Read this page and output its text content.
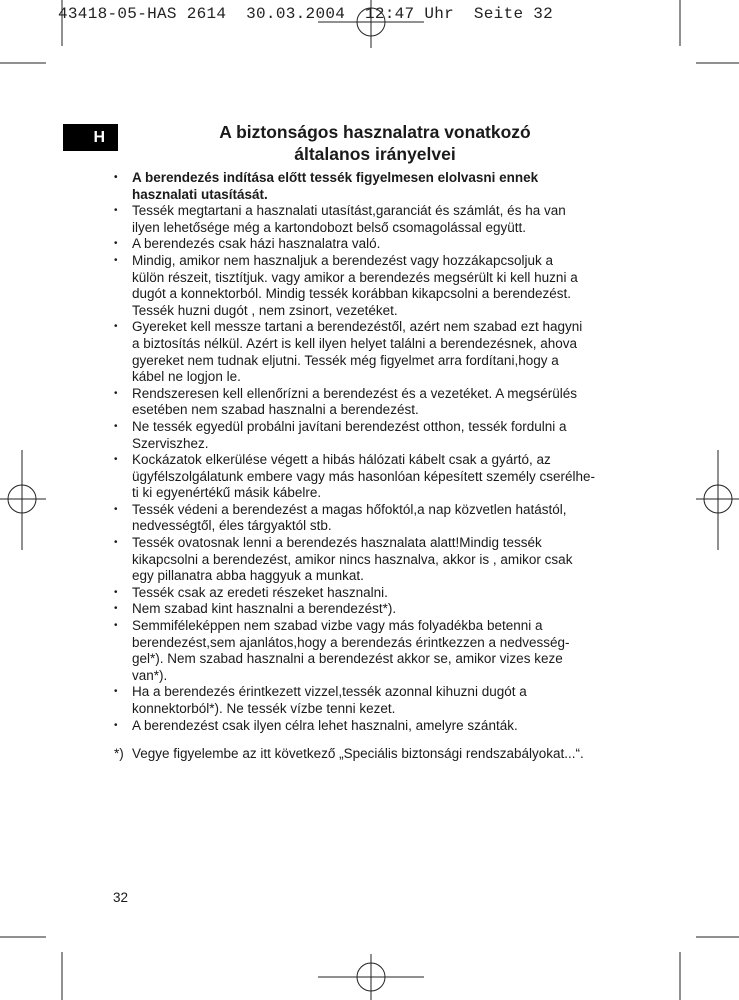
43418-05-HAS 2614  30.03.2004  12:47 Uhr  Seite 32
H	A biztonságos hasznalatra vonatkozó
általanos irányelvei
• A berendezés indítása előtt tessék figyelmesen elolvasni ennek
hasznalati utasítását.
• Tessék megtartani a hasznalati utasítást,garanciát és számlát, és ha van
ilyen lehetősége még a kartondobozt belső csomagolással együtt.
• A berendezés csak házi hasznalatra való.
• Mindig, amikor nem hasznaljuk a berendezést vagy hozzákapcsoljuk a
külön részeit, tisztítjuk. vagy amikor a berendezés megsérült ki kell huzni a
dugót a konnektorból. Mindig tessék korábban kikapcsolni a berendezést.
Tessék huzni dugót , nem zsinort, vezetéket.
• Gyereket kell messze tartani a berendezéstől, azért nem szabad ezt hagyni
a biztosítás nélkül. Azért is kell ilyen helyet találni a berendezésnek, ahova
gyereket nem tudnak eljutni. Tessék még figyelmet arra fordítani,hogy a
kábel ne logjon le.
• Rendszeresen kell ellenőrízni a berendezést és a vezetéket. A megsérülés
esetében nem szabad hasznalni a berendezést.
• Ne tessék egyedül probálni javítani berendezést otthon, tessék fordulni a
Szerviszhez.
• Kockázatok elkerülése végett a hibás hálózati kábelt csak a gyártó, az
ügyfélszolgálatunk embere vagy más hasonlóan képesített személy cserélhe-
ti ki egyenértékű másik kábelre.
• Tessék védeni a berendezést a magas hőfoktól,a nap közvetlen hatástól,
nedvességtől, éles tárgyaktól stb.
• Tessék ovatosnak lenni a berendezés hasznalata alatt!Mindig tessék
kikapcsolni a berendezést, amikor nincs hasznalva, akkor is , amikor csak
egy pillanatra abba haggyuk a munkat.
• Tessék csak az eredeti részeket hasznalni.
• Nem szabad kint hasznalni a berendezést*).
• Semmiféleképpen nem szabad vizbe vagy más folyadékba betenni a
berendezést,sem ajanlátos,hogy a berendezás érintkezzen a nedvesség-
gel*). Nem szabad hasznalni a berendezést akkor se, amikor vizes keze
van*).
• Ha a berendezés érintkezett vizzel,tessék azonnal kihuzni dugót a
konnektorból*). Ne tessék vízbe tenni kezet.
• A berendezést csak ilyen célra lehet hasznalni, amelyre szánták.
*) Vegye figyelembe az itt következő „Speciális biztonsági rendszabályokat...“.
32
